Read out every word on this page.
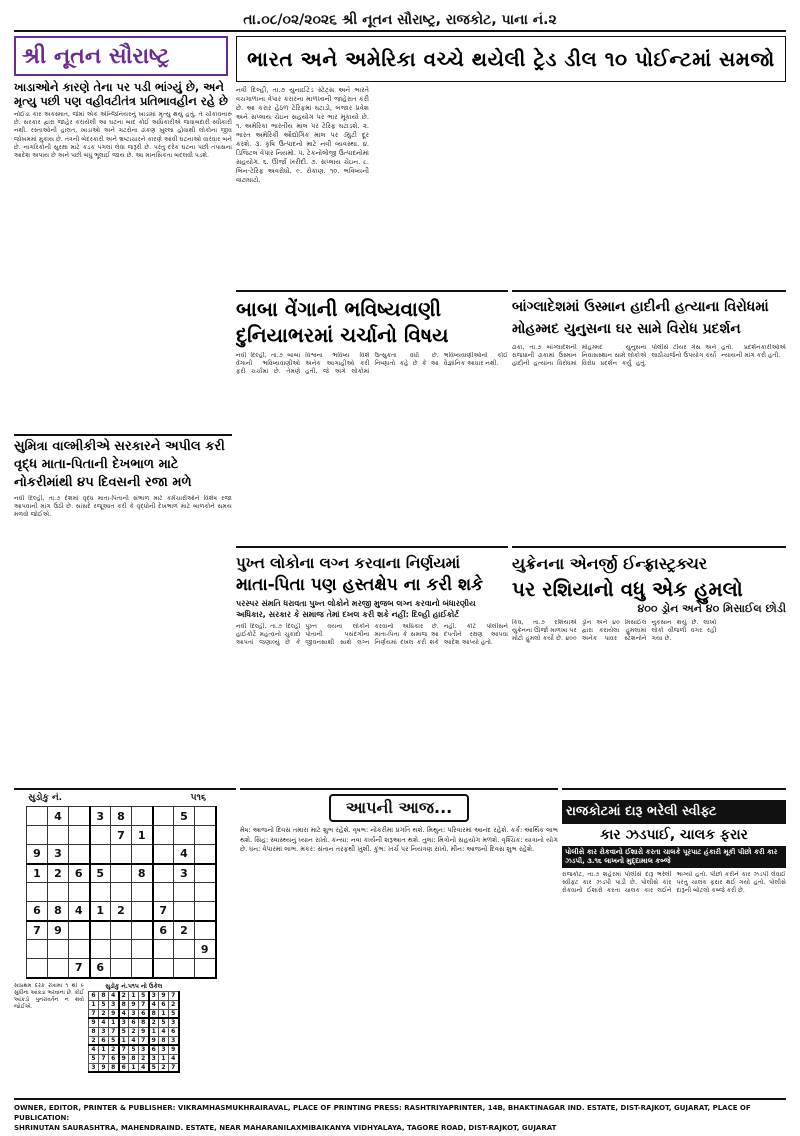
તા.૦૮/૦૨/૨૦૨૬ શ્રી નૂતન સૌરાષ્ટ્ર, રાજકોટ, પાના નં.૨
શ્રી નૂતન સૌરાષ્ટ્ર
ખાડાઓને કારણે તેના પર પડી ભાંગ્યું છે, અને મૃત્યુ પછી પણ વહીવટીતંત્ર પ્રતિભાવહીન રહે છે
નોઈડા કાર અકસ્માત, જેમાં એક એન્જિનિયરનું ખાડામાં મૃત્યુ થયું હતું, તે ચોંકાવનારું છે. સરકાર દ્વારા જાહેર કરાયેલી આ ઘટના બાદ કોઈ અધિકારીએ જવાબદારી સ્વીકારી નથી. રસ્તાઓની હાલત, ખાડાઓ અને ગટરોના ઢાંકણ ખુલ્લા હોવાથી લોકોના જીવ જોખમમાં મુકાય છે. તંત્રની બેદરકારી અને ભ્રષ્ટાચારને કારણે આવી ઘટનાઓ વારંવાર બને છે. નાગરિકોની સુરક્ષા માટે કડક પગલાં લેવા જરૂરી છે. પરંતુ દરેક ઘટના પછી તપાસના આદેશ અપાય છે અને પછી બધું ભૂલાઈ જાય છે. આ માનસિકતા બદલવી પડશે.
સુમિત્રા વાલ્મીકીએ સરકારને અપીલ કરી વૃદ્ધ માતા-પિતાની દેખભાળ માટે નોકરીમાંથી ૪૫ દિવસની રજા મળે
નવી દિલ્હી, તા.૭ દેશમાં વૃદ્ધ માતા-પિતાની સંભાળ માટે કર્મચારીઓને વિશેષ રજા આપવાની માંગ ઉઠી છે. સાંસદે રજૂઆત કરી કે વૃદ્ધોની દેખભાળ માટે બાળકોને સમય મળવો જોઈએ.
ભારત અને અમેરિકા વચ્ચે થયેલી ટ્રેડ ડીલ ૧૦ પોઈન્ટમાં સમજો
નવી દિલ્હી, તા.૭ યુનાઈટેડ સ્ટેટ્સ અને ભારતે વચગાળાના વેપાર કરારના માળખાની જાહેરાત કરી છે. આ કરાર હેઠળ ટેરિફમાં ઘટાડો, બજાર પ્રવેશ અને સપ્લાય ચેઇન સહયોગ પર ભાર મૂકાયો છે. ૧. અમેરિકા ભારતીય માલ પર ટેરિફ ઘટાડશે. ૨. ભારત અમેરિકી ઔદ્યોગિક માલ પર ડ્યુટી દૂર કરશે. ૩. કૃષિ ઉત્પાદનો માટે નવી વ્યવસ્થા. ૪. ડિજિટલ વેપાર નિયમો. ૫. ટેકનોલોજી ઉત્પાદનોમાં સહયોગ. ૬. ઊર્જા ખરીદી. ૭. સપ્લાય ચેઇન. ૮. બિન-ટેરિફ અવરોધો. ૯. રોકાણ. ૧૦. ભવિષ્યની વાટાઘાટો.
બાબા વેંગાની ભવિષ્યવાણી
દુનિયાભરમાં ચર્ચાનો વિષય
નવી દિલ્હી, તા.૭ બાબા વેંગાની ભવિષ્યવાણીઓ ફરી ચર્ચામાં છે. તેમણે વિશ્વના ભવિષ્ય વિશે અનેક આગાહીઓ કરી હતી, જે અંગે લોકોમાં ઉત્સુકતા વધી છે. નિષ્ણાતો કહે છે કે આ ભવિષ્યવાણીઓનો કોઈ વૈજ્ઞાનિક આધાર નથી.
બાંગ્લાદેશમાં ઉસ્માન હાદીની હત્યાના વિરોધમાં
મોહમ્મદ યુનુસના ઘર સામે વિરોધ પ્રદર્શન
ઢાકા, તા.૭ બાંગ્લાદેશની રાજધાની ઢાકામાં ઉસ્માન હાદીની હત્યાના વિરોધમાં મોહમ્મદ યુનુસના નિવાસસ્થાન સામે લોકોએ વિરોધ પ્રદર્શન કર્યું હતું. પોલીસે ટીયર ગેસ અને લાઠીચાર્જનો ઉપયોગ કર્યો હતો. પ્રદર્શનકારીઓએ ન્યાયની માંગ કરી હતી.
પુખ્ત લોકોના લગ્ન કરવાના નિર્ણયમાં
માતા-પિતા પણ હસ્તક્ષેપ ના કરી શકે
પરસ્પર સંમતિ ધરાવતા પુખ્ત લોકોને મરજી મુજબ લગ્ન કરવાનો બંધારણીય અધિકાર, સરકાર કે સમાજ તેમાં દખલ કરી શકે નહીં: દિલ્હી હાઈકોર્ટ
નવી દિલ્હી, તા.૭ દિલ્હી હાઈકોર્ટે મહત્વનો ચુકાદો આપતાં જણાવ્યું છે કે પુખ્ત વયના લોકોને પોતાની પસંદગીના જીવનસાથી સાથે લગ્ન કરવાનો અધિકાર છે. માતા-પિતા કે સમાજ આ નિર્ણયમાં દખલ કરી શકે નહીં. કોર્ટે પોલીસને દંપતીને રક્ષણ આપવા આદેશ આપ્યો હતો.
યુક્રેનના એનર્જી ઈન્ફ્રાસ્ટ્રક્ચર
પર રશિયાનો વધુ એક હુમલો
૪૦૦ ડ્રોન અને ૪૦ મિસાઈલ છોડી
કિવ, તા.૭ રશિયાએ યુક્રેનના ઊર્જા માળખા પર મોટો હુમલો કર્યો છે. ૪૦૦ ડ્રોન અને ૪૦ મિસાઈલ દ્વારા કરાયેલા હુમલામાં અનેક પાવર સ્ટેશનોને નુકસાન થયું છે. લાખો લોકો વીજળી વગર રહી ગયા છે.
સુડોકુ નં.	૫૧૬
	4		3	8			5	
				7	1			
9	3						4	
1	2	6	5		8		3	

6	8	4	1	2		7		
7	9					6	2	
								9
		7	6					
સૌપ્રથમ દરેક રેખામાં ૧ થી ૯ સુધીના આંકડા ભરવાના છે. કોઈ આંકડો પુનરાવર્તન ન થવો જોઈએ.
સુડોકુ નં.૫૧૫ નો ઉકેલ
6	8	4	2	1	5	3	9	7
1	5	3	8	9	7	4	6	2
7	2	9	4	3	6	8	1	5
9	4	1	3	6	8	2	5	3
8	3	7	5	2	9	1	4	6
2	6	5	1	4	7	9	8	3
4	1	2	7	5	3	6	3	9
5	7	6	9	8	2	3	1	4
3	9	8	6	1	4	5	2	7
આપની આજ...
મેષ: આજનો દિવસ તમારા માટે શુભ રહેશે. વૃષભ: નોકરીમાં પ્રગતિ થશે. મિથુન: પરિવારમાં આનંદ રહેશે. કર્ક: આર્થિક લાભ થશે. સિંહ: સ્વાસ્થ્યનું ધ્યાન રાખો. કન્યા: નવા કાર્યની શરૂઆત થશે. તુલા: મિત્રોનો સહયોગ મળશે. વૃશ્ચિક: યાત્રાનો યોગ છે. ધન: વેપારમાં લાભ. મકર: સંતાન તરફથી ખુશી. કુંભ: ખર્ચ પર નિયંત્રણ રાખો. મીન: આજનો દિવસ શુભ રહેશે.
રાજકોટમાં દારૂ ભરેલી સ્વીફ્ટ
કાર ઝડપાઈ, ચાલક ફરાર
પોલીસે કાર રોકવાનો ઈશારો કરતા ચાલકે પૂરપાટ હંકારી મૂકી પીછો કરી કાર ઝડપી, ૩.૧૬ લાખનો મુદ્દામાલ કબ્જે
રાજકોટ, તા.૭ શહેરમાં પોલીસે દારૂ ભરેલી સ્વીફ્ટ કાર ઝડપી પાડી છે. પોલીસે કાર રોકવાનો ઈશારો કરતા ચાલક કાર લઈને ભાગ્યો હતો. પીછો કરીને કાર ઝડપી લેવાઈ પરંતુ ચાલક ફરાર થઈ ગયો હતો. પોલીસે દારૂની બોટલો કબ્જે કરી છે.
OWNER, EDITOR, PRINTER & PUBLISHER: VIKRAMHASMUKHRAIRAVAL, PLACE OF PRINTING PRESS: RASHTRIYAPRINTER, 14B, BHAKTINAGAR IND. ESTATE, DIST-RAJKOT, GUJARAT, PLACE OF PUBLICATION:
SHRINUTAN SAURASHTRA, MAHENDRAIND. ESTATE, NEAR MAHARANILAXMIBAIKANYA VIDHYALAYA, TAGORE ROAD, DIST-RAJKOT, GUJARAT
